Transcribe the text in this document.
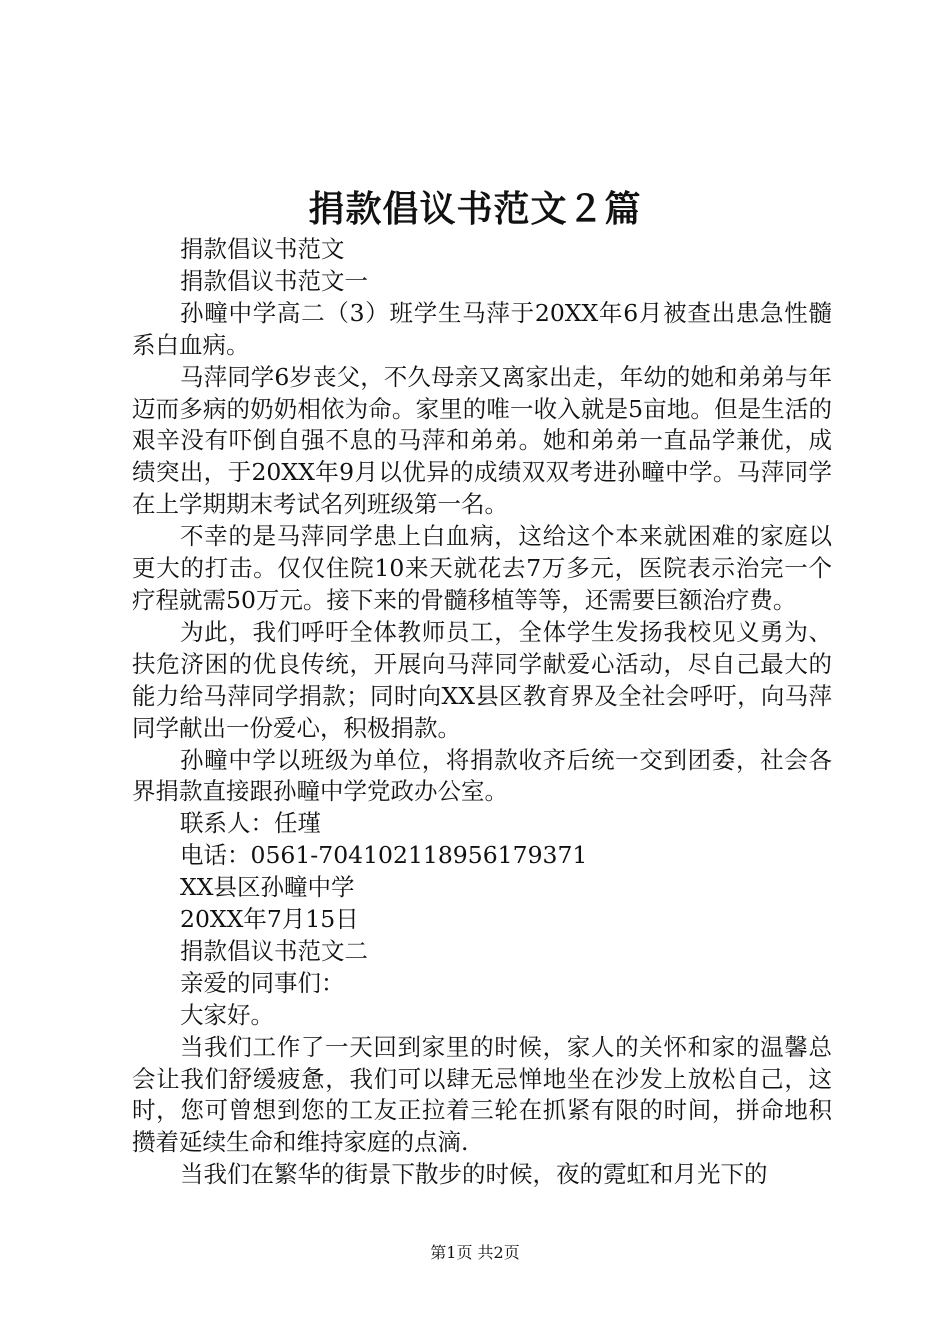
捐款倡议书范文２篇

捐款倡议书范文

捐款倡议书范文一

孙疃中学高二（3）班学生马萍于20XX年6月被查出患急性髓系白血病。

马萍同学6岁丧父，不久母亲又离家出走，年幼的她和弟弟与年迈而多病的奶奶相依为命。家里的唯一收入就是5亩地。但是生活的艰辛没有吓倒自强不息的马萍和弟弟。她和弟弟一直品学兼优，成绩突出，于20XX年9月以优异的成绩双双考进孙疃中学。马萍同学在上学期期末考试名列班级第一名。

不幸的是马萍同学患上白血病，这给这个本来就困难的家庭以更大的打击。仅仅住院10来天就花去7万多元，医院表示治完一个疗程就需50万元。接下来的骨髓移植等等，还需要巨额治疗费。

为此，我们呼吁全体教师员工，全体学生发扬我校见义勇为、扶危济困的优良传统，开展向马萍同学献爱心活动，尽自己最大的能力给马萍同学捐款；同时向XX县区教育界及全社会呼吁，向马萍同学献出一份爱心，积极捐款。

孙疃中学以班级为单位，将捐款收齐后统一交到团委，社会各界捐款直接跟孙疃中学党政办公室。

联系人：任瑾

电话：0561-704102118956179371

XX县区孙疃中学

20XX年7月15日

捐款倡议书范文二

亲爱的同事们：

大家好。

当我们工作了一天回到家里的时候，家人的关怀和家的温馨总会让我们舒缓疲惫，我们可以肆无忌惮地坐在沙发上放松自己，这时，您可曾想到您的工友正拉着三轮在抓紧有限的时间，拼命地积攒着延续生命和维持家庭的点滴.

当我们在繁华的街景下散步的时候，夜的霓虹和月光下的

第1页 共2页
